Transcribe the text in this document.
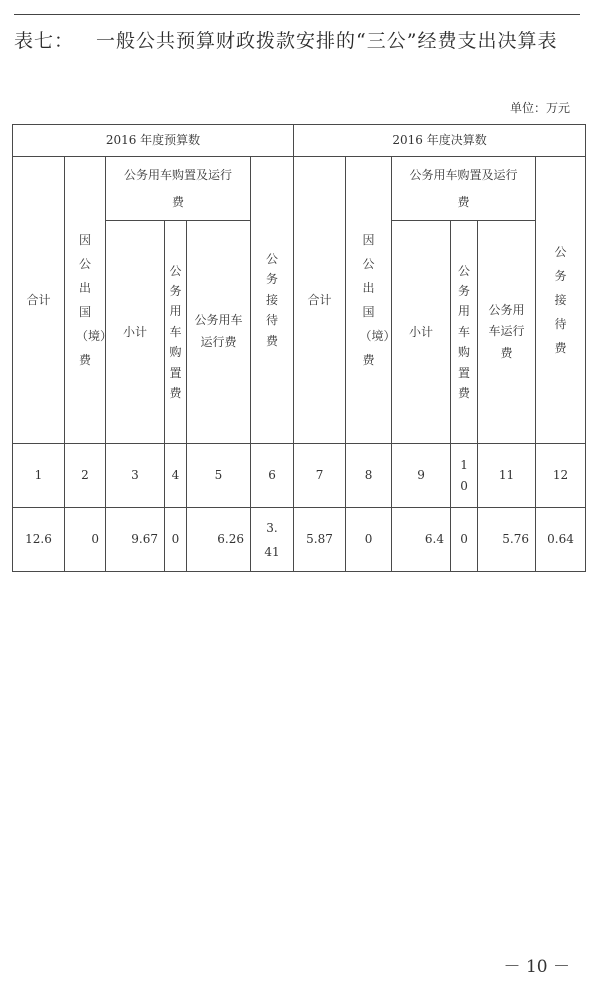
表七： 一般公共预算财政拨款安排的“三公”经费支出决算表
单位：万元
2016 年度预算数						2016 年度决算数					
合计	因公出国（境）费	公务用车购置及运行费			公务接待费	合计	因公出国（境）费	公务用车购置及运行费			公务接待费
		小计	公务用车购置费	公务用车运行费				小计	公务用车购置费	公务用车运行费	
1	2	3	4	5	6	7	8	9	10	11	12
12.6	0	9.67	0	6.26	3.41	5.87	0	6.4	0	5.76	0.64
－ 10 －
